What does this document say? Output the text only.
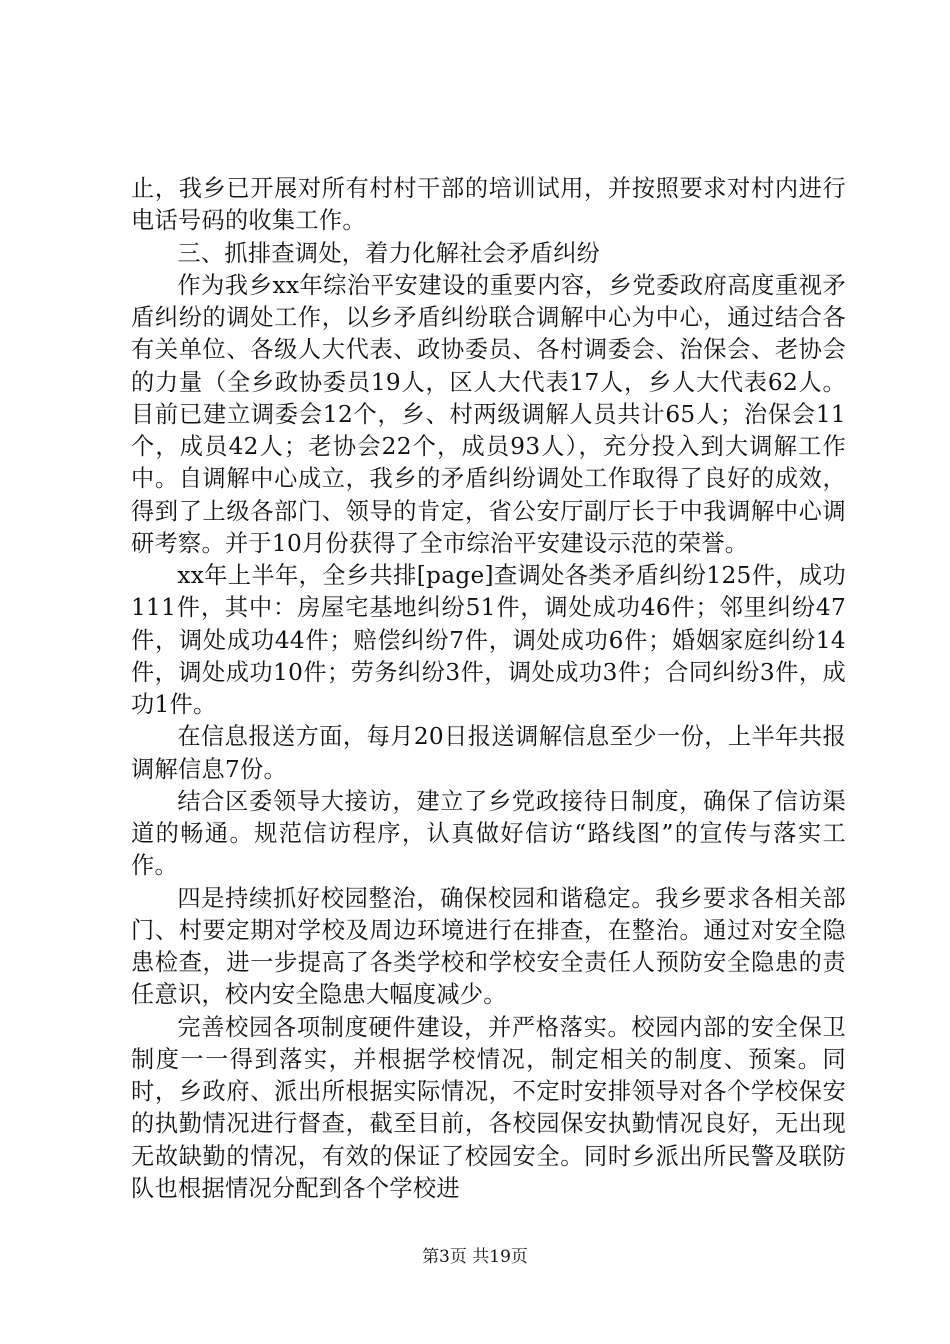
止，我乡已开展对所有村村干部的培训试用，并按照要求对村内进行电话号码的收集工作。

三、抓排查调处，着力化解社会矛盾纠纷

作为我乡xx年综治平安建设的重要内容，乡党委政府高度重视矛盾纠纷的调处工作，以乡矛盾纠纷联合调解中心为中心，通过结合各有关单位、各级人大代表、政协委员、各村调委会、治保会、老协会的力量（全乡政协委员19人，区人大代表17人，乡人大代表62人。目前已建立调委会12个，乡、村两级调解人员共计65人；治保会11个，成员42人；老协会22个，成员93人），充分投入到大调解工作中。自调解中心成立，我乡的矛盾纠纷调处工作取得了良好的成效，得到了上级各部门、领导的肯定，省公安厅副厅长于中我调解中心调研考察。并于10月份获得了全市综治平安建设示范的荣誉。

xx年上半年，全乡共排[page]查调处各类矛盾纠纷125件，成功111件，其中：房屋宅基地纠纷51件，调处成功46件；邻里纠纷47件，调处成功44件；赔偿纠纷7件，调处成功6件；婚姻家庭纠纷14件，调处成功10件；劳务纠纷3件，调处成功3件；合同纠纷3件，成功1件。

在信息报送方面，每月20日报送调解信息至少一份，上半年共报调解信息7份。

结合区委领导大接访，建立了乡党政接待日制度，确保了信访渠道的畅通。规范信访程序，认真做好信访“路线图”的宣传与落实工作。

四是持续抓好校园整治，确保校园和谐稳定。我乡要求各相关部门、村要定期对学校及周边环境进行在排查，在整治。通过对安全隐患检查，进一步提高了各类学校和学校安全责任人预防安全隐患的责任意识，校内安全隐患大幅度减少。

完善校园各项制度硬件建设，并严格落实。校园内部的安全保卫制度一一得到落实，并根据学校情况，制定相关的制度、预案。同时，乡政府、派出所根据实际情况，不定时安排领导对各个学校保安的执勤情况进行督查，截至目前，各校园保安执勤情况良好，无出现无故缺勤的情况，有效的保证了校园安全。同时乡派出所民警及联防队也根据情况分配到各个学校进

第3页 共19页
